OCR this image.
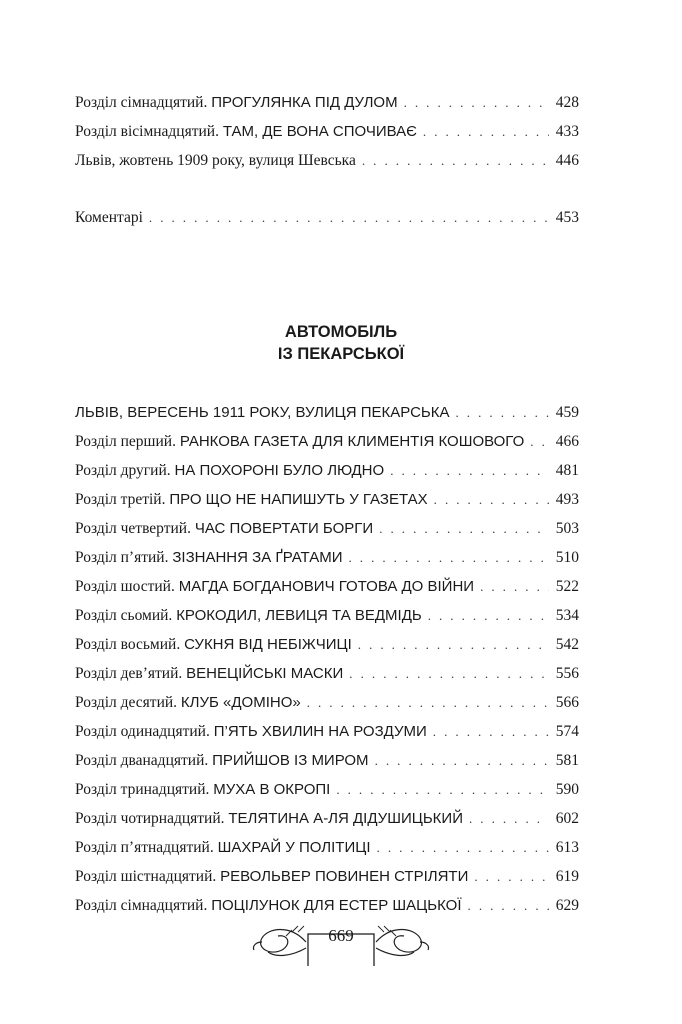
Розділ сімнадцятий. ПРОГУЛЯНКА ПІД ДУЛОМ . . .	428
Розділ вісімнадцятий. ТАМ, ДЕ ВОНА СПОЧИВАЄ . . .	433
Львів, жовтень 1909 року, вулиця Шевська . . .	446
Коментарі . . .	453
АВТОМОБІЛЬ
ІЗ ПЕКАРСЬКОЇ
ЛЬВІВ, ВЕРЕСЕНЬ 1911 РОКУ, ВУЛИЦЯ ПЕКАРСЬКА . . .	459
Розділ перший. РАНКОВА ГАЗЕТА ДЛЯ КЛИМЕНТІЯ КОШОВОГО . . . 466
Розділ другий. НА ПОХОРОНІ БУЛО ЛЮДНО . . .	481
Розділ третій. ПРО ЩО НЕ НАПИШУТЬ У ГАЗЕТАХ . . .	493
Розділ четвертий. ЧАС ПОВЕРТАТИ БОРГИ . . .	503
Розділ п’ятий. ЗІЗНАННЯ ЗА ҐРАТАМИ . . .	510
Розділ шостий. МАГДА БОГДАНОВИЧ ГОТОВА ДО ВІЙНИ . . .	522
Розділ сьомий. КРОКОДИЛ, ЛЕВИЦЯ ТА ВЕДМІДЬ . . .	534
Розділ восьмий. СУКНЯ ВІД НЕБІЖЧИЦІ . . .	542
Розділ дев’ятий. ВЕНЕЦІЙСЬКІ МАСКИ . . .	556
Розділ десятий. КЛУБ «ДОМІНО» . . .	566
Розділ одинадцятий. П’ЯТЬ ХВИЛИН НА РОЗДУМИ . . .	574
Розділ дванадцятий. ПРИЙШОВ ІЗ МИРОМ . . .	581
Розділ тринадцятий. МУХА В ОКРОПІ . . .	590
Розділ чотирнадцятий. ТЕЛЯТИНА А-ЛЯ ДІДУШИЦЬКИЙ . . .	602
Розділ п’ятнадцятий. ШАХРАЙ У ПОЛІТИЦІ . . .	613
Розділ шістнадцятий. РЕВОЛЬВЕР ПОВИНЕН СТРІЛЯТИ . . .	619
Розділ сімнадцятий. ПОЦІЛУНОК ДЛЯ ЕСТЕР ШАЦЬКОЇ . . .	629
669
